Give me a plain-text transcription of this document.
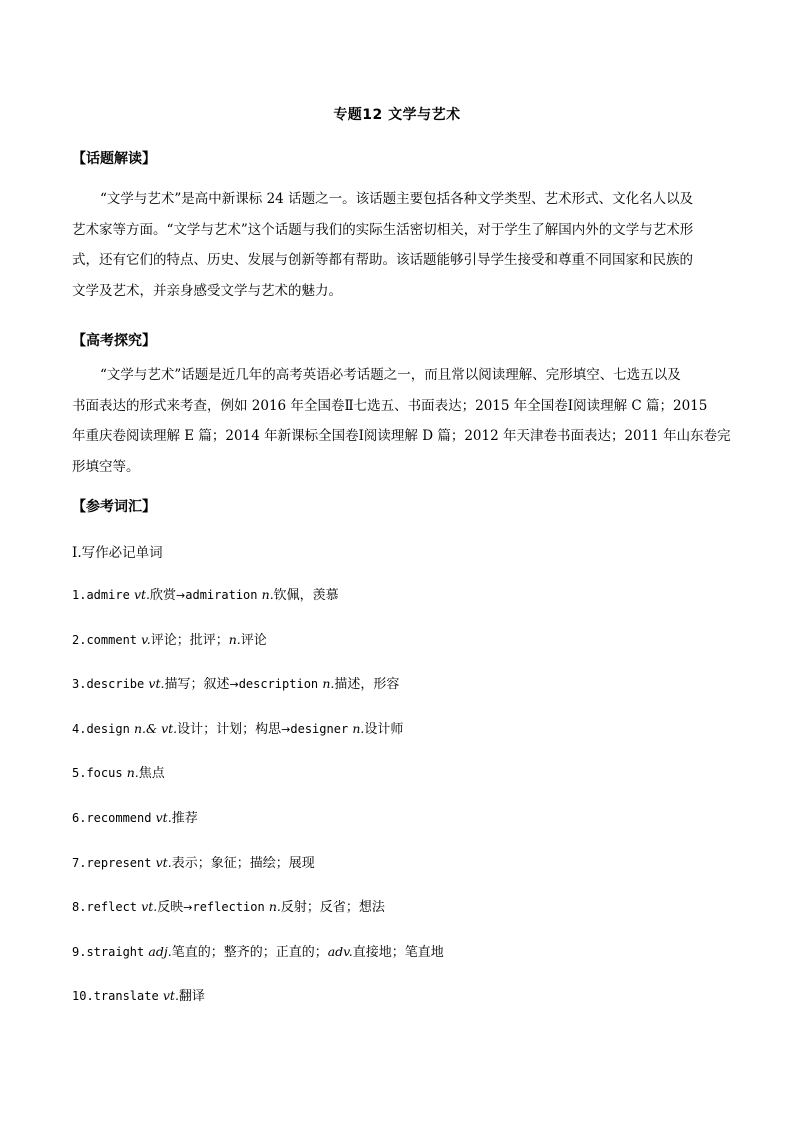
专题12 文学与艺术
【话题解读】
“文学与艺术”是高中新课标 24 话题之一。该话题主要包括各种文学类型、艺术形式、文化名人以及
艺术家等方面。“文学与艺术”这个话题与我们的实际生活密切相关，对于学生了解国内外的文学与艺术形
式，还有它们的特点、历史、发展与创新等都有帮助。该话题能够引导学生接受和尊重不同国家和民族的
文学及艺术，并亲身感受文学与艺术的魅力。
【高考探究】
“文学与艺术”话题是近几年的高考英语必考话题之一，而且常以阅读理解、完形填空、七选五以及
书面表达的形式来考查，例如 2016 年全国卷Ⅱ七选五、书面表达；2015 年全国卷Ⅰ阅读理解 C 篇；2015
年重庆卷阅读理解 E 篇；2014 年新课标全国卷Ⅰ阅读理解 D 篇；2012 年天津卷书面表达；2011 年山东卷完
形填空等。
【参考词汇】
Ⅰ.写作必记单词
1.admire vt.欣赏→admiration n.钦佩，羡慕
2.comment v.评论；批评；n.评论
3.describe vt.描写；叙述→description n.描述，形容
4.design n.& vt.设计；计划；构思→designer n.设计师
5.focus n.焦点
6.recommend vt.推荐
7.represent vt.表示；象征；描绘；展现
8.reflect vt.反映→reflection n.反射；反省；想法
9.straight adj.笔直的；整齐的；正直的；adv.直接地；笔直地
10.translate vt.翻译
